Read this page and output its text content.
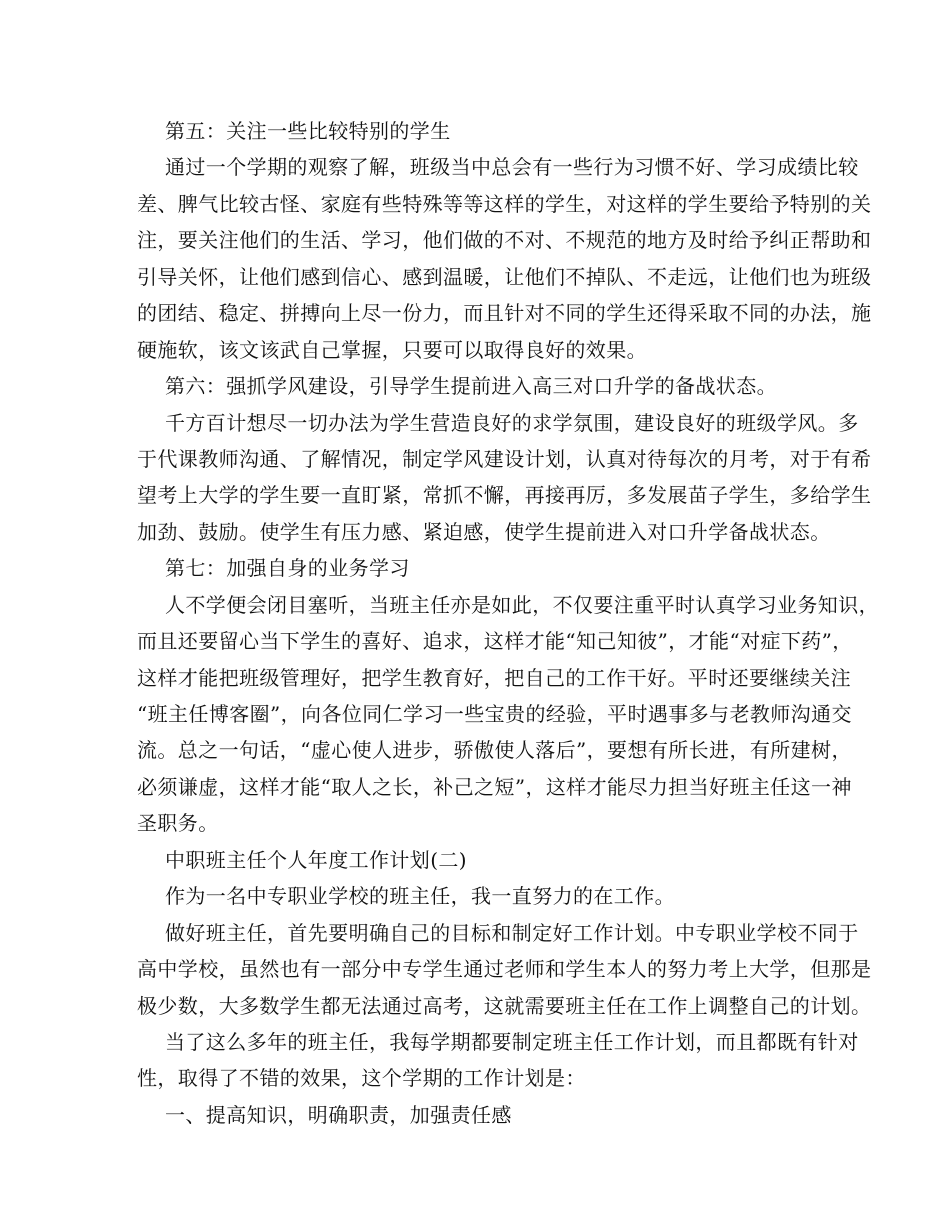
第五：关注一些比较特别的学生
通过一个学期的观察了解，班级当中总会有一些行为习惯不好、学习成绩比较
差、脾气比较古怪、家庭有些特殊等等这样的学生，对这样的学生要给予特别的关
注，要关注他们的生活、学习，他们做的不对、不规范的地方及时给予纠正帮助和
引导关怀，让他们感到信心、感到温暖，让他们不掉队、不走远，让他们也为班级
的团结、稳定、拼搏向上尽一份力，而且针对不同的学生还得采取不同的办法，施
硬施软，该文该武自己掌握，只要可以取得良好的效果。
第六：强抓学风建设，引导学生提前进入高三对口升学的备战状态。
千方百计想尽一切办法为学生营造良好的求学氛围，建设良好的班级学风。多
于代课教师沟通、了解情况，制定学风建设计划，认真对待每次的月考，对于有希
望考上大学的学生要一直盯紧，常抓不懈，再接再厉，多发展苗子学生，多给学生
加劲、鼓励。使学生有压力感、紧迫感，使学生提前进入对口升学备战状态。
第七：加强自身的业务学习
人不学便会闭目塞听，当班主任亦是如此，不仅要注重平时认真学习业务知识，
而且还要留心当下学生的喜好、追求，这样才能“知己知彼”，才能“对症下药”，
这样才能把班级管理好，把学生教育好，把自己的工作干好。平时还要继续关注
“班主任博客圈”，向各位同仁学习一些宝贵的经验，平时遇事多与老教师沟通交
流。总之一句话，“虚心使人进步，骄傲使人落后”，要想有所长进，有所建树，
必须谦虚，这样才能“取人之长，补己之短”，这样才能尽力担当好班主任这一神
圣职务。
中职班主任个人年度工作计划(二)
作为一名中专职业学校的班主任，我一直努力的在工作。
做好班主任，首先要明确自己的目标和制定好工作计划。中专职业学校不同于
高中学校，虽然也有一部分中专学生通过老师和学生本人的努力考上大学，但那是
极少数，大多数学生都无法通过高考，这就需要班主任在工作上调整自己的计划。
当了这么多年的班主任，我每学期都要制定班主任工作计划，而且都既有针对
性，取得了不错的效果，这个学期的工作计划是：
一、提高知识，明确职责，加强责任感
